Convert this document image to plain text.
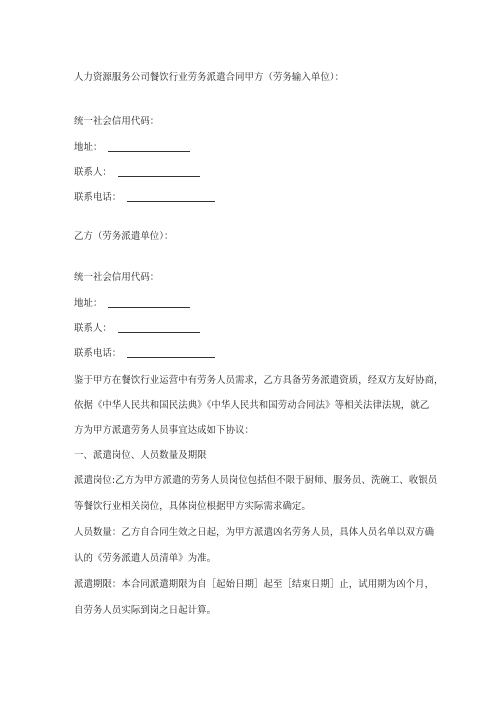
人力资源服务公司餐饮行业劳务派遣合同甲方（劳务输入单位）：
统一社会信用代码：
地址：
联系人：
联系电话：
乙方（劳务派遣单位）：
统一社会信用代码：
地址：
联系人：
联系电话：
鉴于甲方在餐饮行业运营中有劳务人员需求，乙方具备劳务派遣资质，经双方友好协商，
依据《中华人民共和国民法典》《中华人民共和国劳动合同法》等相关法律法规，就乙
方为甲方派遣劳务人员事宜达成如下协议：
一、派遣岗位、人员数量及期限
派遣岗位:乙方为甲方派遣的劳务人员岗位包括但不限于厨师、服务员、洗碗工、收银员
等餐饮行业相关岗位，具体岗位根据甲方实际需求确定。
人员数量：乙方自合同生效之日起，为甲方派遣凶名劳务人员，具体人员名单以双方确
认的《劳务派遣人员清单》为准。
派遣期限：本合同派遣期限为自［起始日期］起至［结束日期］止，试用期为凶个月，
自劳务人员实际到岗之日起计算。
